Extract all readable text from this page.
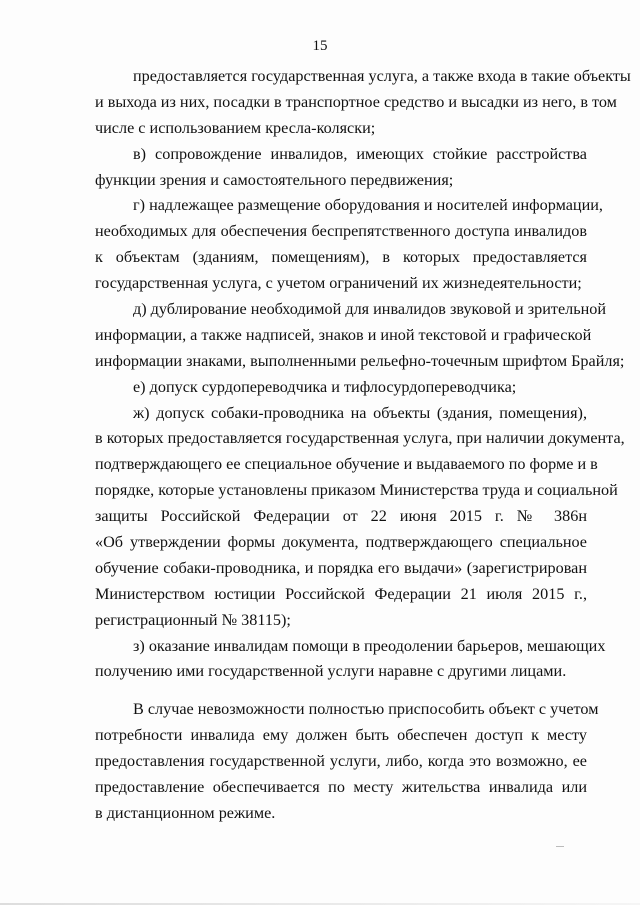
15
предоставляется государственная услуга, а также входа в такие объекты
и выхода из них, посадки в транспортное средство и высадки из него, в том
числе с использованием кресла-коляски;
в) сопровождение инвалидов, имеющих стойкие расстройства
функции зрения и самостоятельного передвижения;
г) надлежащее размещение оборудования и носителей информации,
необходимых для обеспечения беспрепятственного доступа инвалидов
к объектам (зданиям, помещениям), в которых предоставляется
государственная услуга, с учетом ограничений их жизнедеятельности;
д) дублирование необходимой для инвалидов звуковой и зрительной
информации, а также надписей, знаков и иной текстовой и графической
информации знаками, выполненными рельефно-точечным шрифтом Брайля;
е) допуск сурдопереводчика и тифлосурдопереводчика;
ж) допуск собаки-проводника на объекты (здания, помещения),
в которых предоставляется государственная услуга, при наличии документа,
подтверждающего ее специальное обучение и выдаваемого по форме и в
порядке, которые установлены приказом Министерства труда и социальной
защиты Российской Федерации от 22 июня 2015 г. № 386н
«Об утверждении формы документа, подтверждающего специальное
обучение собаки-проводника, и порядка его выдачи» (зарегистрирован
Министерством юстиции Российской Федерации 21 июля 2015 г.,
регистрационный № 38115);
з) оказание инвалидам помощи в преодолении барьеров, мешающих
получению ими государственной услуги наравне с другими лицами.
В случае невозможности полностью приспособить объект с учетом
потребности инвалида ему должен быть обеспечен доступ к месту
предоставления государственной услуги, либо, когда это возможно, ее
предоставление обеспечивается по месту жительства инвалида или
в дистанционном режиме.
